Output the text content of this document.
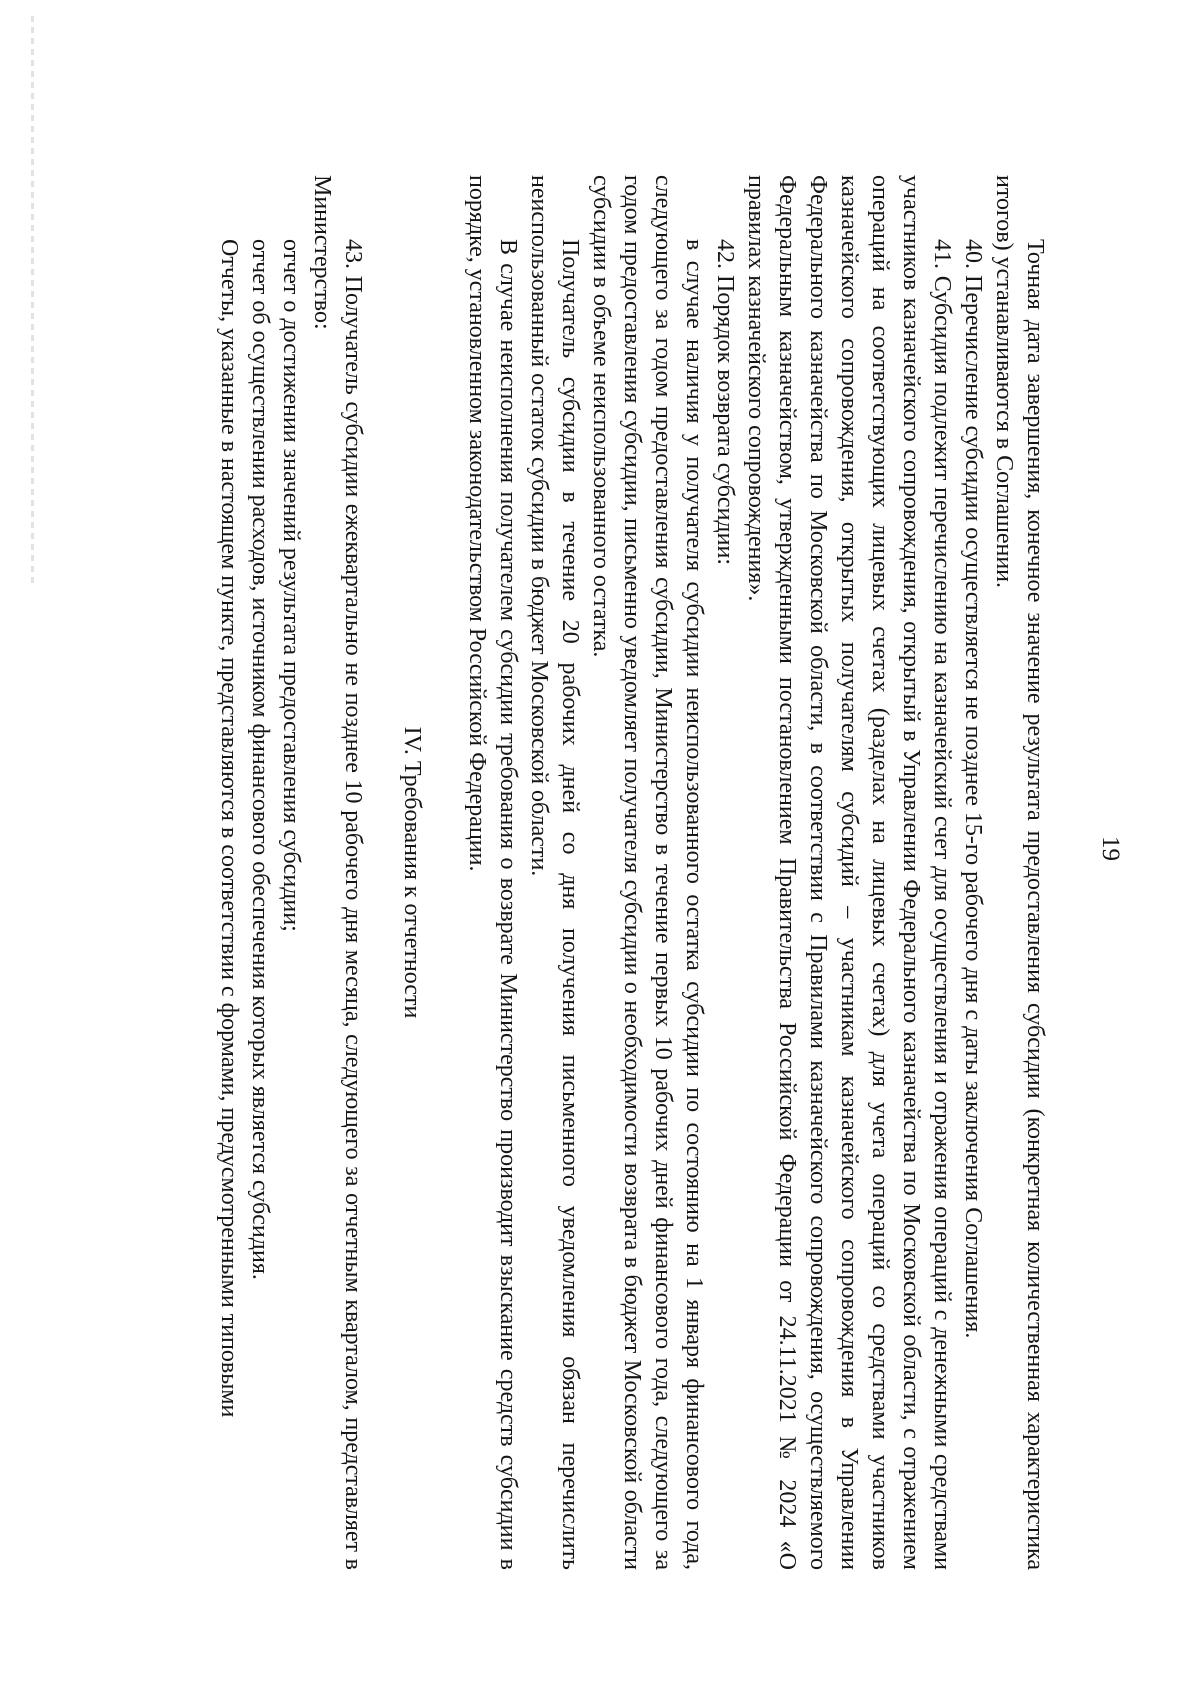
19

Точная дата завершения, конечное значение результата предоставления субсидии (конкретная количественная характеристика итогов) устанавливаются в Соглашении.

40. Перечисление субсидии осуществляется не позднее 15-го рабочего дня с даты заключения Соглашения.

41. Субсидия подлежит перечислению на казначейский счет для осуществления и отражения операций с денежными средствами участников казначейского сопровождения, открытый в Управлении Федерального казначейства по Московской области, с отражением операций на соответствующих лицевых счетах (разделах на лицевых счетах) для учета операций со средствами участников казначейского сопровождения, открытых получателям субсидий – участникам казначейского сопровождения в Управлении Федерального казначейства по Московской области, в соответствии с Правилами казначейского сопровождения, осуществляемого Федеральным казначейством, утвержденными постановлением Правительства Российской Федерации от 24.11.2021 № 2024 «О правилах казначейского сопровождения».

42. Порядок возврата субсидии:

в случае наличия у получателя субсидии неиспользованного остатка субсидии по состоянию на 1 января финансового года, следующего за годом предоставления субсидии, Министерство в течение первых 10 рабочих дней финансового года, следующего за годом предоставления субсидии, письменно уведомляет получателя субсидии о необходимости возврата в бюджет Московской области субсидии в объеме неиспользованного остатка.

Получатель субсидии в течение 20 рабочих дней со дня получения письменного уведомления обязан перечислить неиспользованный остаток субсидии в бюджет Московской области.

В случае неисполнения получателем субсидии требования о возврате Министерство производит взыскание средств субсидии в порядке, установленном законодательством Российской Федерации.

IV. Требования к отчетности

43. Получатель субсидии ежеквартально не позднее 10 рабочего дня месяца, следующего за отчетным кварталом, представляет в Министерство:

отчет о достижении значений результата предоставления субсидии;

отчет об осуществлении расходов, источником финансового обеспечения которых является субсидия.

Отчеты, указанные в настоящем пункте, представляются в соответствии с формами, предусмотренными типовыми
